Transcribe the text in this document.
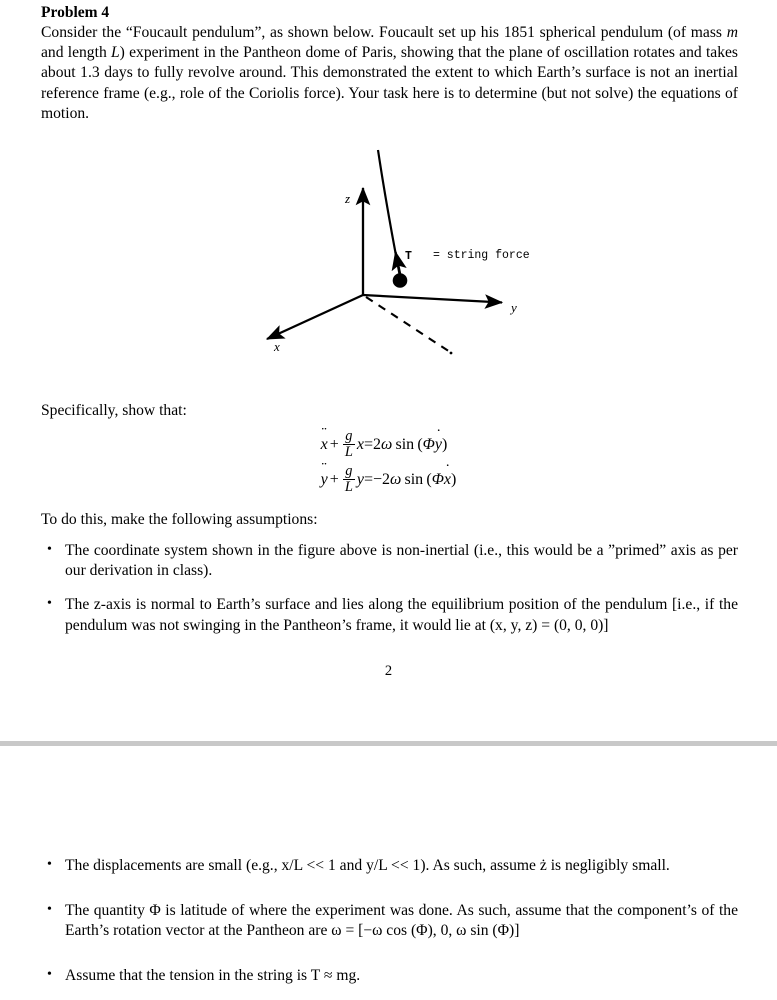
Problem 4

Consider the “Foucault pendulum”, as shown below. Foucault set up his 1851 spherical pendulum (of mass m and length L) experiment in the Pantheon dome of Paris, showing that the plane of oscillation rotates and takes about 1.3 days to fully revolve around. This demonstrated the extent to which Earth’s surface is not an inertial reference frame (e.g., role of the Coriolis force). Your task here is to determine (but not solve) the equations of motion.

z
y
x
T = string force

Specifically, show that:

x ¨ + $\frac{g}{L}$ x	=	2ω  sin  (Φy ˙)
y ¨ + $\frac{g}{L}$ y	=	−2ω  sin  (Φx ˙)

To do this, make the following assumptions:

• The coordinate system shown in the figure above is non-inertial (i.e., this would be a ”primed” axis as per our derivation in class).
• The z-axis is normal to Earth’s surface and lies along the equilibrium position of the pendulum [i.e., if the pendulum was not swinging in the Pantheon’s frame, it would lie at (x, y, z) = (0, 0, 0)]
2
• The displacements are small (e.g., x/L << 1 and y/L << 1). As such, assume ż is negligibly small.
• The quantity Φ is latitude of where the experiment was done. As such, assume that the component’s of the Earth’s rotation vector at the Pantheon are ω = [−ω cos (Φ), 0, ω sin (Φ)]
• Assume that the tension in the string is T ≈ mg.
